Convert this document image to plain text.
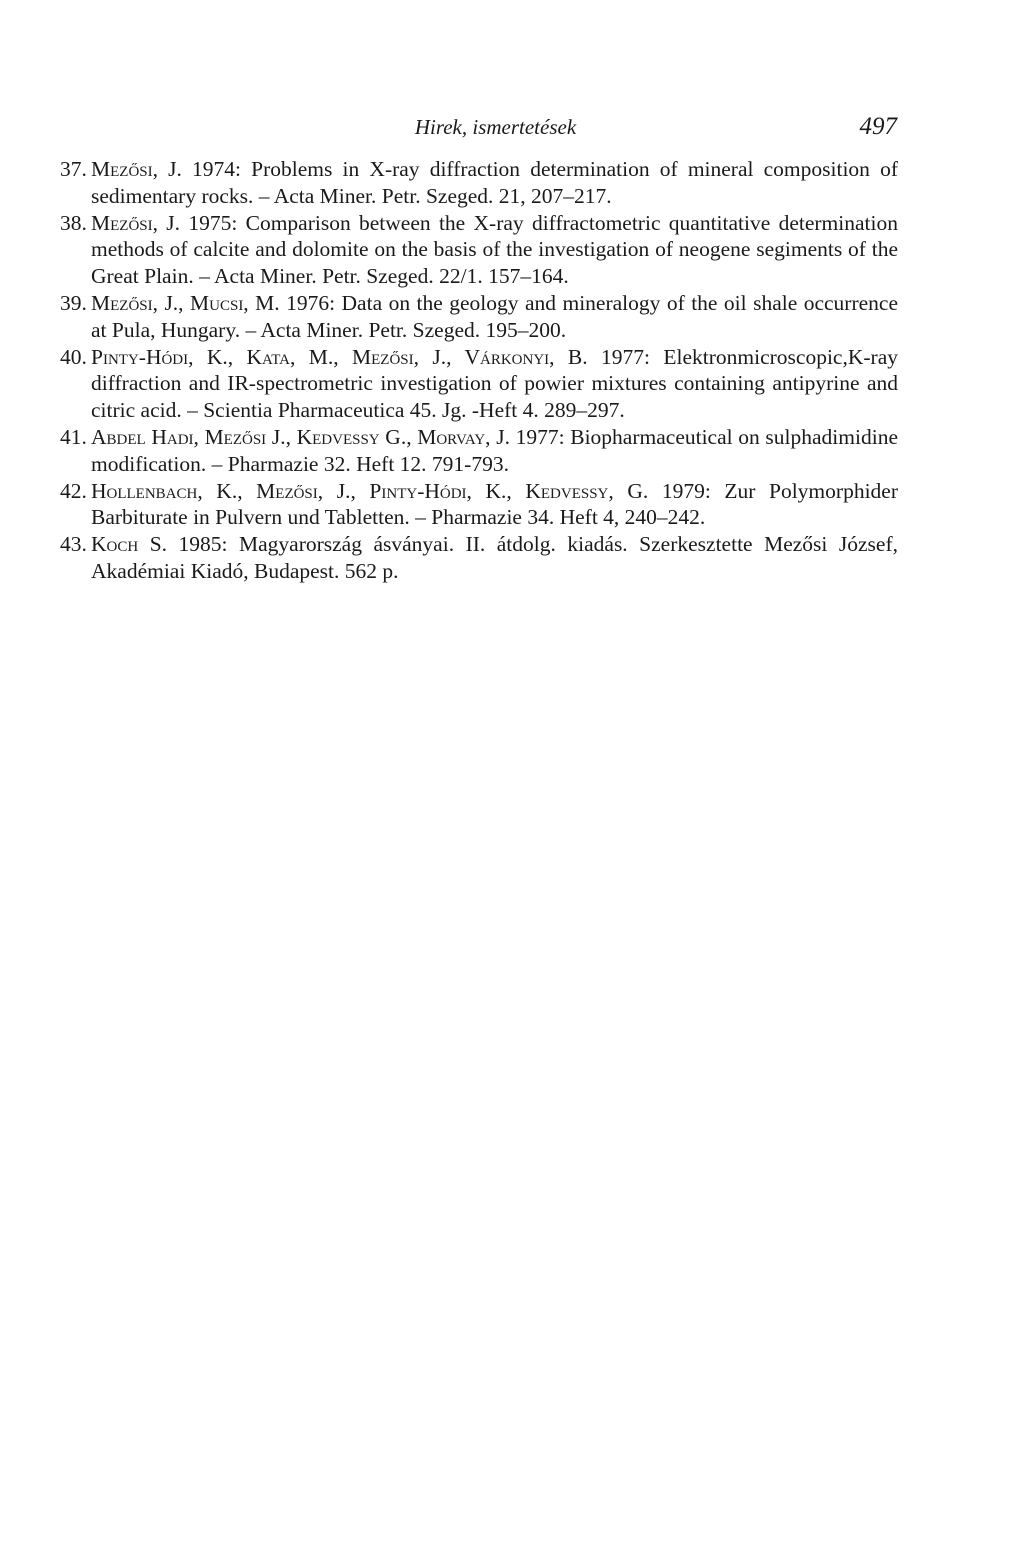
Hirek, ismertetések	497
37. Mezősi, J. 1974: Problems in X-ray diffraction determination of mineral composition of sedimentary rocks. – Acta Miner. Petr. Szeged. 21, 207–217.
38. Mezősi, J. 1975: Comparison between the X-ray diffractometric quantitative determination methods of calcite and dolomite on the basis of the investigation of neogene segiments of the Great Plain. – Acta Miner. Petr. Szeged. 22/1. 157–164.
39. Mezősi, J., Mucsi, M. 1976: Data on the geology and mineralogy of the oil shale occurrence at Pula, Hungary. – Acta Miner. Petr. Szeged. 195–200.
40. Pinty-Hódi, K., Kata, M., Mezősi, J., Várkonyi, B. 1977: Elektronmicroscopic,K-ray diffraction and IR-spectrometric investigation of powier mixtures containing antipyrine and citric acid. – Scientia Pharmaceutica 45. Jg. -Heft 4. 289–297.
41. Abdel Hadi, Mezősi J., Kedvessy G., Morvay, J. 1977: Biopharmaceutical on sulphadimidine modification. – Pharmazie 32. Heft 12. 791-793.
42. Hollenbach, K., Mezősi, J., Pinty-Hódi, K., Kedvessy, G. 1979: Zur Polymorphider Barbiturate in Pulvern und Tabletten. – Pharmazie 34. Heft 4, 240–242.
43. Koch S. 1985: Magyarország ásványai. II. átdolg. kiadás. Szerkesztette Mezősi József, Akadémiai Kiadó, Budapest. 562 p.
